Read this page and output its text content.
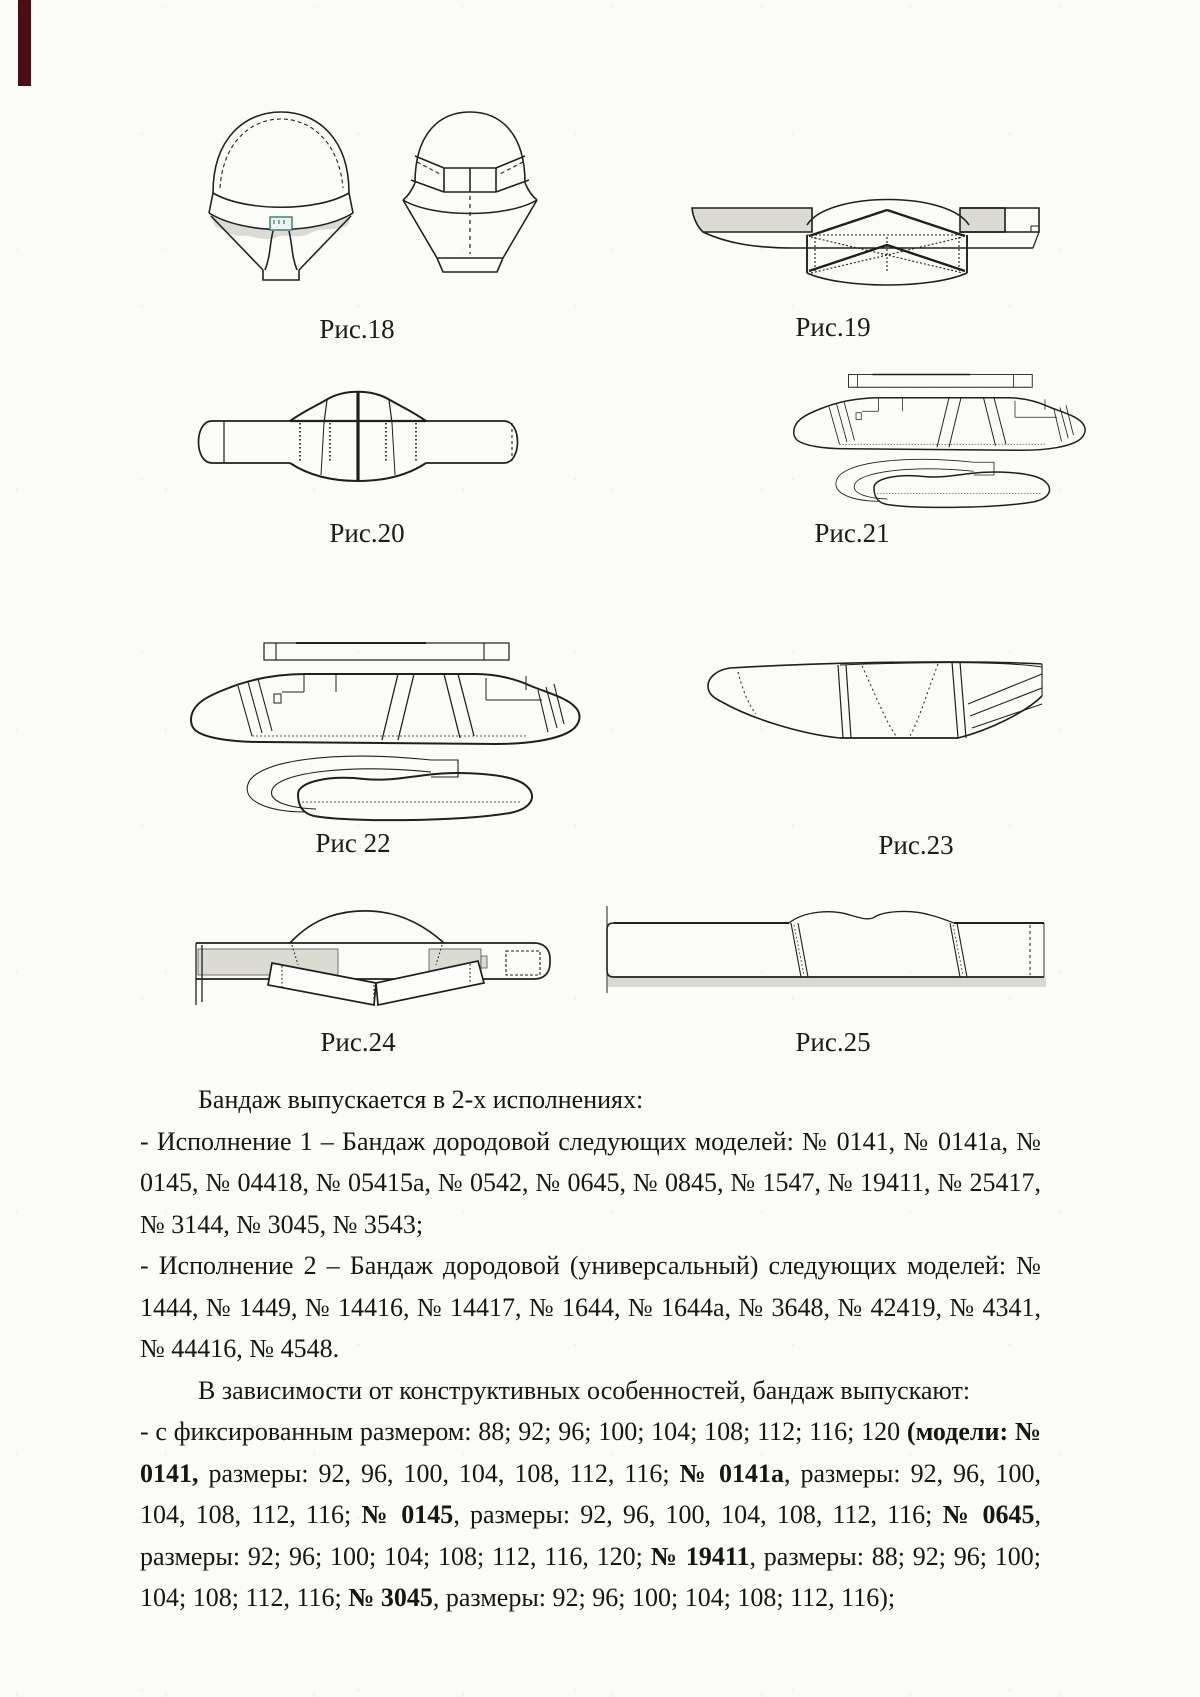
Рис.18	Рис.19
Рис.20	Рис.21
Рис 22	Рис.23
Рис.24	Рис.25

Бандаж выпускается в 2-х исполнениях:

- Исполнение 1 – Бандаж дородовой следующих моделей: № 0141, № 0141а, № 0145, № 04418, № 05415а, № 0542, № 0645, № 0845, № 1547, № 19411, № 25417, № 3144, № 3045, № 3543;

- Исполнение 2 – Бандаж дородовой (универсальный) следующих моделей: № 1444, № 1449, № 14416, № 14417, № 1644, № 1644а, № 3648, № 42419, № 4341, № 44416, № 4548.

В зависимости от конструктивных особенностей, бандаж выпускают:

- с фиксированным размером: 88; 92; 96; 100; 104; 108; 112; 116; 120 (модели: № 0141, размеры: 92, 96, 100, 104, 108, 112, 116; № 0141а, размеры: 92, 96, 100, 104, 108, 112, 116; № 0145, размеры: 92, 96, 100, 104, 108, 112, 116; № 0645, размеры: 92; 96; 100; 104; 108; 112, 116, 120; № 19411, размеры: 88; 92; 96; 100; 104; 108; 112, 116; № 3045, размеры: 92; 96; 100; 104; 108; 112, 116);
